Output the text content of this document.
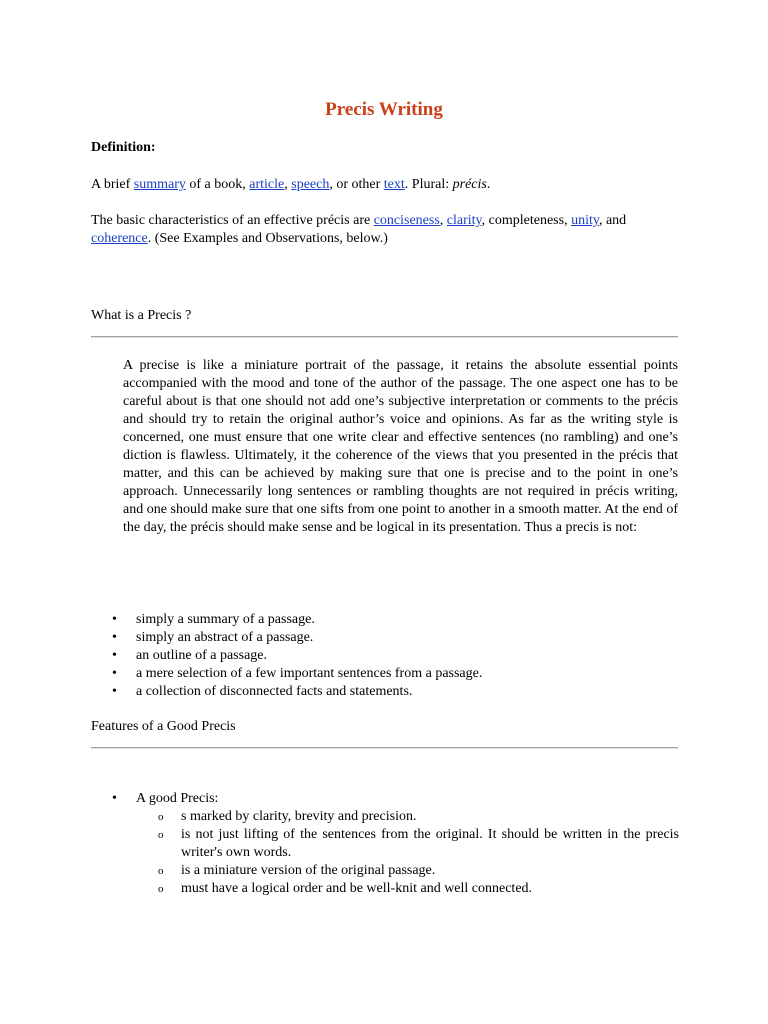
Precis Writing

Definition:

A brief summary of a book, article, speech, or other text. Plural: précis.

The basic characteristics of an effective précis are conciseness, clarity, completeness, unity, and coherence. (See Examples and Observations, below.)

What is a Precis ?

A precise is like a miniature portrait of the passage, it retains the absolute essential points accompanied with the mood and tone of the author of the passage. The one aspect one has to be careful about is that one should not add one’s subjective interpretation or comments to the précis and should try to retain the original author’s voice and opinions. As far as the writing style is concerned, one must ensure that one write clear and effective sentences (no rambling) and one’s diction is flawless. Ultimately, it the coherence of the views that you presented in the précis that matter, and this can be achieved by making sure that one is precise and to the point in one’s approach. Unnecessarily long sentences or rambling thoughts are not required in précis writing, and one should make sure that one sifts from one point to another in a smooth matter. At the end of the day, the précis should make sense and be logical in its presentation. Thus a precis is not:

• simply a summary of a passage.
• simply an abstract of a passage.
• an outline of a passage.
• a mere selection of a few important sentences from a passage.
• a collection of disconnected facts and statements.

Features of a Good Precis

• A good Precis:
o s marked by clarity, brevity and precision.
o is not just lifting of the sentences from the original. It should be written in the precis writer's own words.
o is a miniature version of the original passage.
o must have a logical order and be well-knit and well connected.
